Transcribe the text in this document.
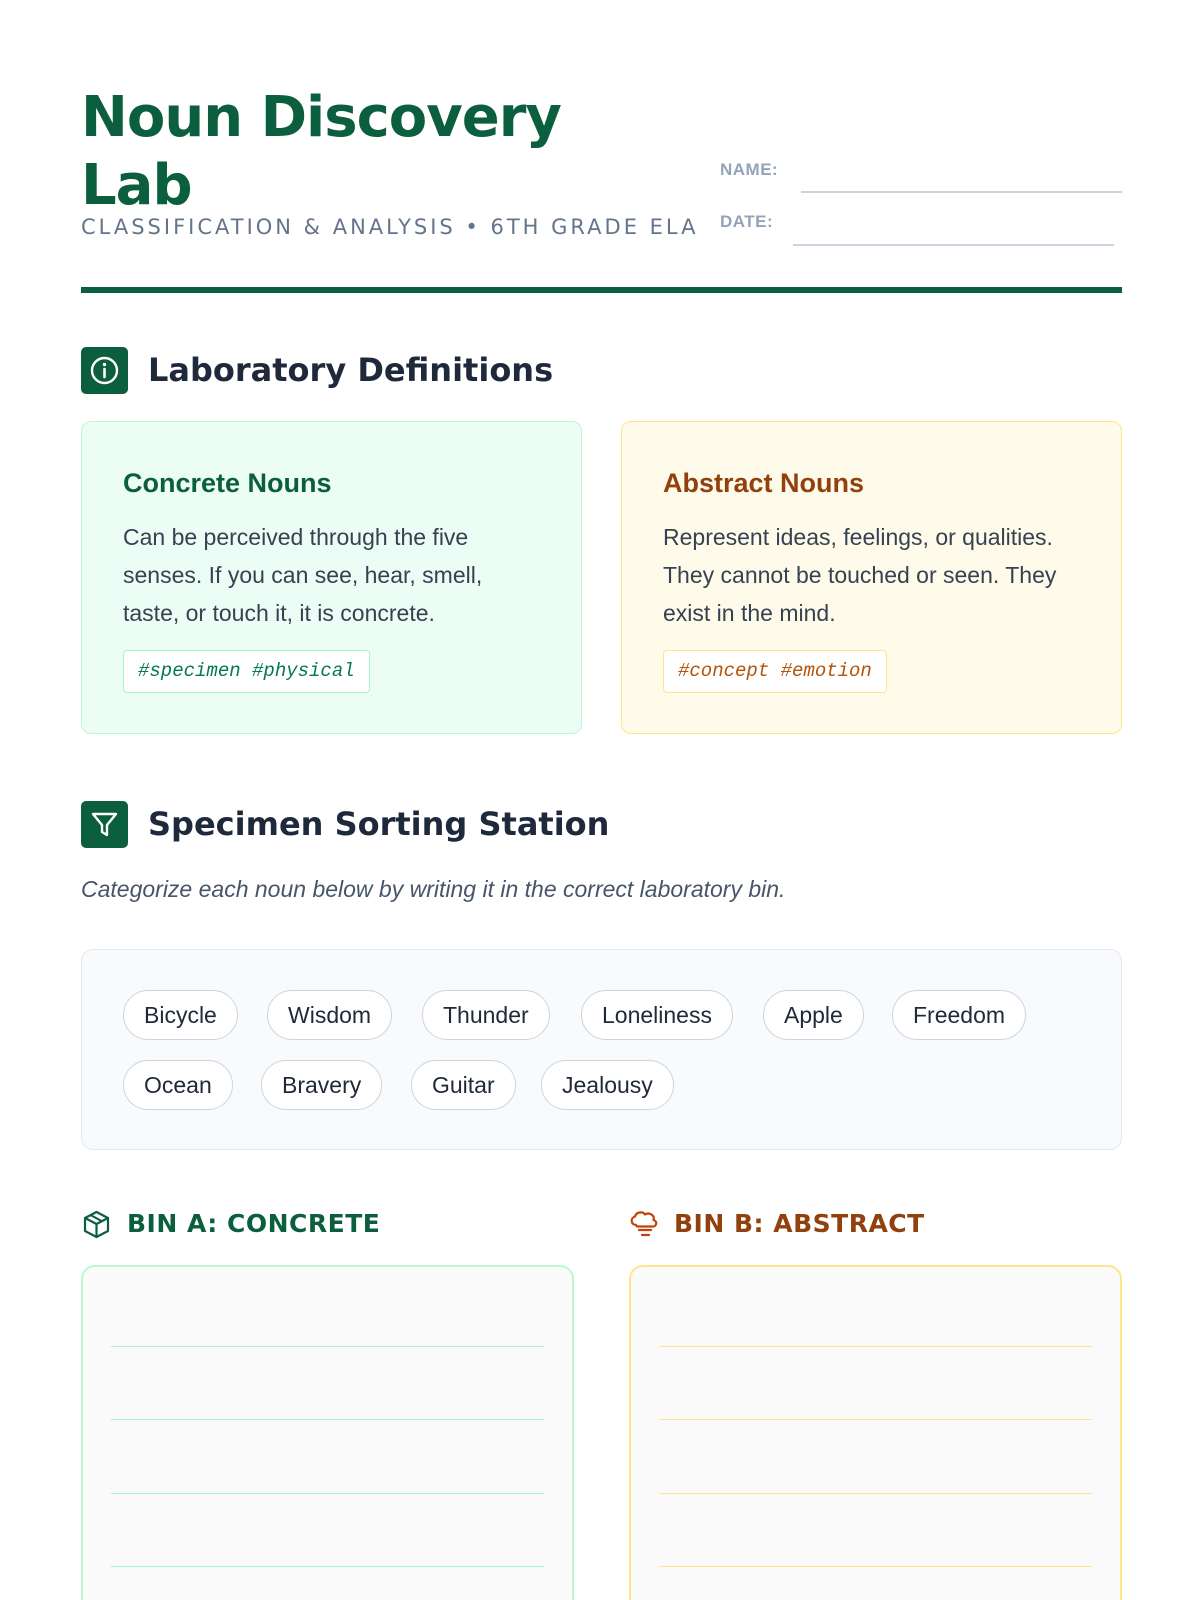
Noun Discovery Lab
CLASSIFICATION & ANALYSIS • 6TH GRADE ELA
NAME:
DATE:
Laboratory Definitions
Concrete Nouns
Can be perceived through the five senses. If you can see, hear, smell, taste, or touch it, it is concrete.
#specimen #physical
Abstract Nouns
Represent ideas, feelings, or qualities. They cannot be touched or seen. They exist in the mind.
#concept #emotion
Specimen Sorting Station
Categorize each noun below by writing it in the correct laboratory bin.
Bicycle	Wisdom	Thunder	Loneliness	Apple	Freedom
Ocean	Bravery	Guitar	Jealousy
BIN A: CONCRETE	BIN B: ABSTRACT
